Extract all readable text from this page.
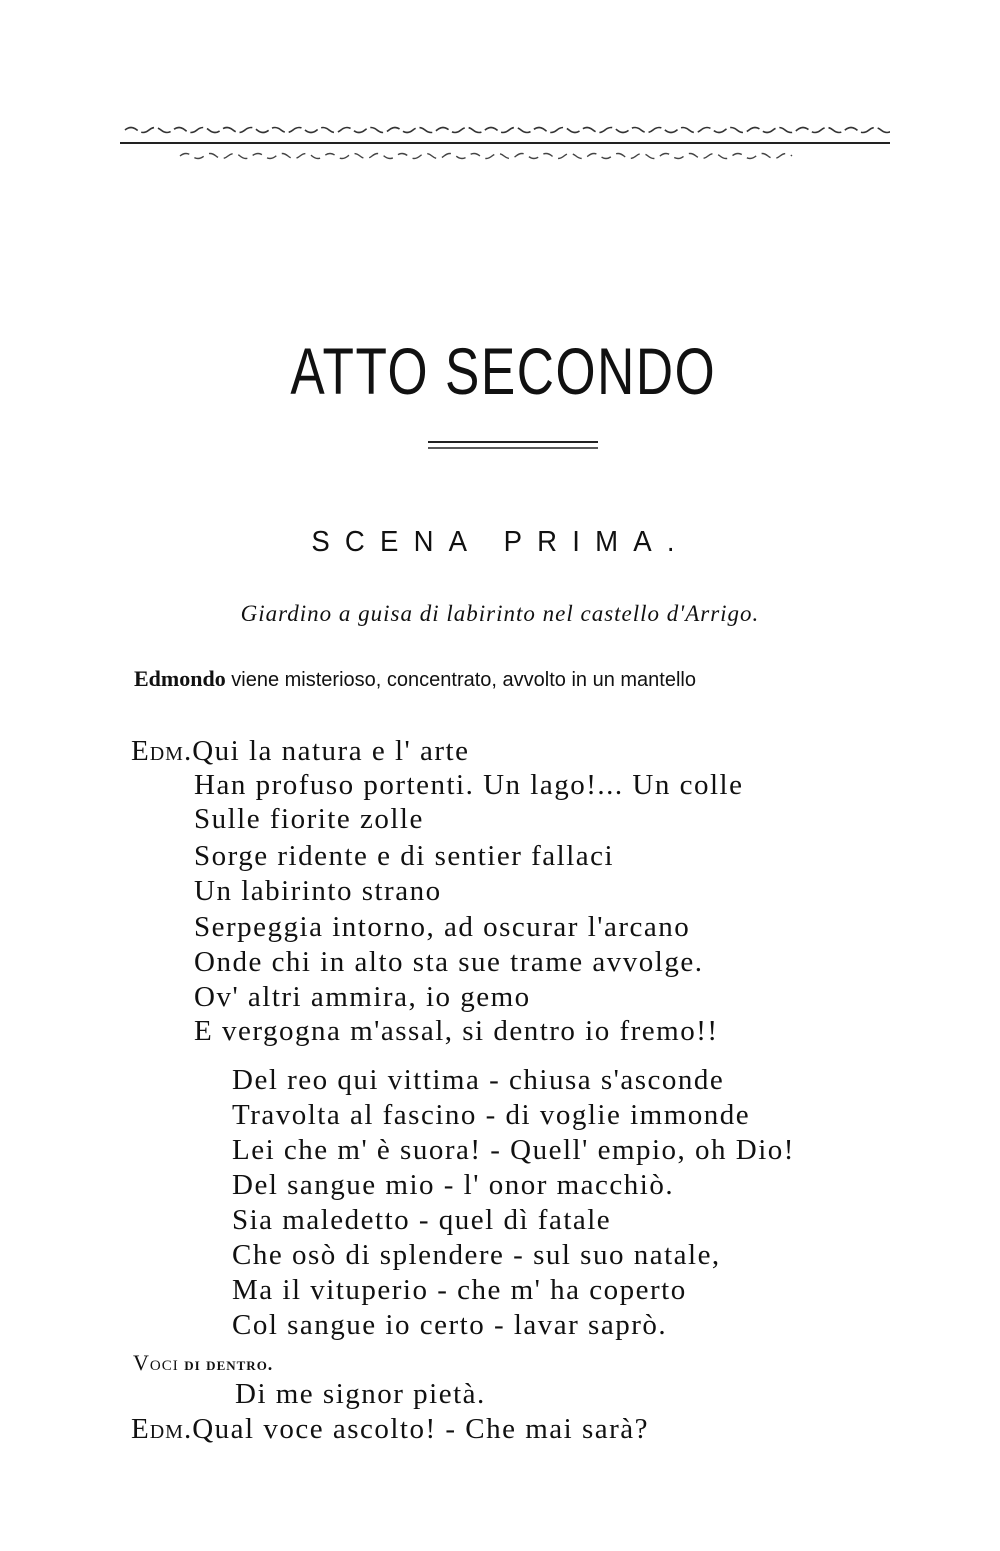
ATTO SECONDO
SCENA PRIMA.
Giardino a guisa di labirinto nel castello d'Arrigo.
Edmondo viene misterioso, concentrato, avvolto in un mantello
Edm.Qui la natura e l' arte
Han profuso portenti. Un lago!... Un colle
Sulle fiorite zolle
Sorge ridente e di sentier fallaci
Un labirinto strano
Serpeggia intorno, ad oscurar l'arcano
Onde chi in alto sta sue trame avvolge.
Ov' altri ammira, io gemo
E vergogna m'assal, si dentro io fremo!!
Del reo qui vittima - chiusa s'asconde
Travolta al fascino - di voglie immonde
Lei che m' è suora! - Quell' empio, oh Dio!
Del sangue mio - l' onor macchiò.
Sia maledetto - quel dì fatale
Che osò di splendere - sul suo natale,
Ma il vituperio - che m' ha coperto
Col sangue io certo - lavar saprò.
Voci di dentro.
Di me signor pietà.
Edm.Qual voce ascolto! - Che mai sarà?
